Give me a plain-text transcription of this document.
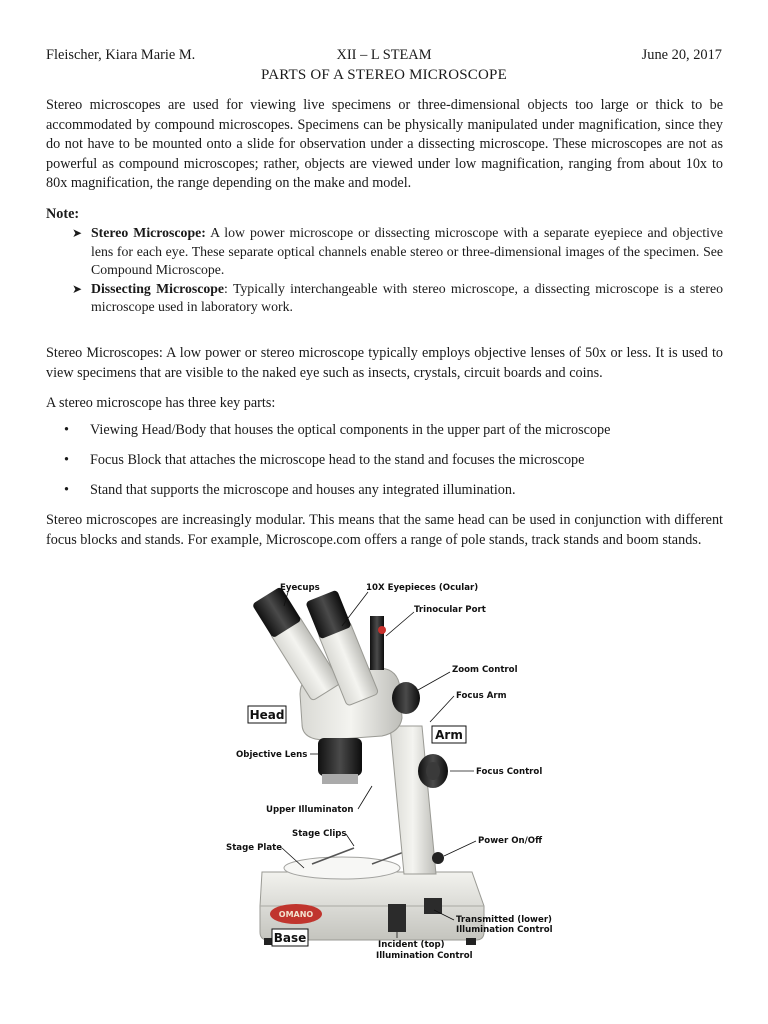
Fleischer, Kiara Marie M.	XII – L STEAM	June 20, 2017
PARTS OF A STEREO MICROSCOPE

Stereo microscopes are used for viewing live specimens or three-dimensional objects too large or thick to be accommodated by compound microscopes. Specimens can be physically manipulated under magnification, since they do not have to be mounted onto a slide for observation under a dissecting microscope. These microscopes are not as powerful as compound microscopes; rather, objects are viewed under low magnification, ranging from about 10x to 80x magnification, the range depending on the make and model.

Note:
➤ Stereo Microscope: A low power microscope or dissecting microscope with a separate eyepiece and objective lens for each eye. These separate optical channels enable stereo or three-dimensional images of the specimen. See Compound Microscope.
➤ Dissecting Microscope: Typically interchangeable with stereo microscope, a dissecting microscope is a stereo microscope used in laboratory work.

Stereo Microscopes: A low power or stereo microscope typically employs objective lenses of 50x or less. It is used to view specimens that are visible to the naked eye such as insects, crystals, circuit boards and coins.

A stereo microscope has three key parts:

• Viewing Head/Body that houses the optical components in the upper part of the microscope
• Focus Block that attaches the microscope head to the stand and focuses the microscope
• Stand that supports the microscope and houses any integrated illumination.

Stereo microscopes are increasingly modular. This means that the same head can be used in conjunction with different focus blocks and stands. For example, Microscope.com offers a range of pole stands, track stands and boom stands.

OMANO
Eyecups	10X Eyepieces (Ocular)
Trinocular Port
Zoom Control
Focus Arm
Head
Arm
Objective Lens
Focus Control
Upper Illuminaton
Stage Clips
Power On/Off
Stage Plate
Transmitted (lower)
Illumination Control
Base	Incident (top)
Illumination Control
